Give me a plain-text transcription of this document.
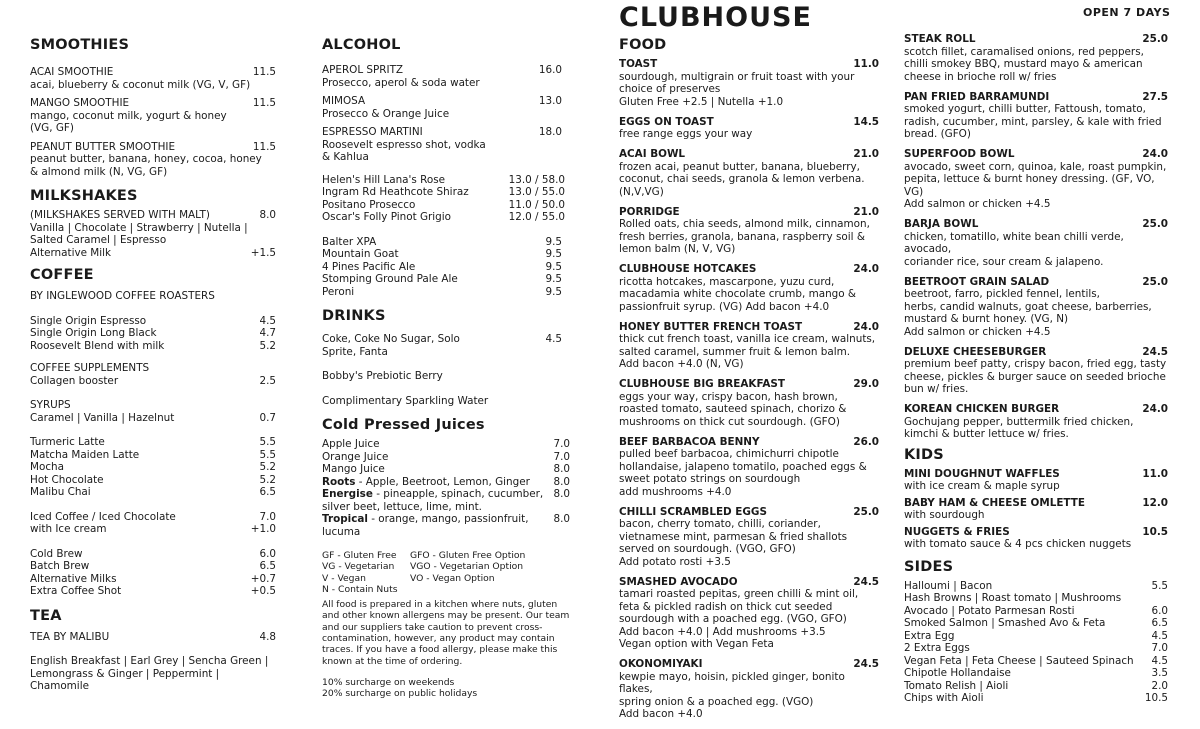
CLUBHOUSE	OPEN 7 DAYS
SMOOTHIES
ACAI SMOOTHIE	11.5
acai, blueberry & coconut milk (VG, V, GF)
MANGO SMOOTHIE	11.5
mango, coconut milk, yogurt & honey (VG, GF)
PEANUT BUTTER SMOOTHIE	11.5
peanut butter, banana, honey, cocoa, honey & almond milk (N, VG, GF)
MILKSHAKES
(MILKSHAKES SERVED WITH MALT)	8.0
Vanilla | Chocolate | Strawberry | Nutella |
Salted Caramel | Espresso
Alternative Milk	+1.5
COFFEE
BY INGLEWOOD COFFEE ROASTERS
Single Origin Espresso	4.5
Single Origin Long Black	4.7
Roosevelt Blend with milk	5.2
COFFEE SUPPLEMENTS
Collagen booster	2.5
SYRUPS
Caramel | Vanilla | Hazelnut	0.7
Turmeric Latte	5.5
Matcha Maiden Latte	5.5
Mocha	5.2
Hot Chocolate	5.2
Malibu Chai	6.5
Iced Coffee / Iced Chocolate	7.0
with Ice cream	+1.0
Cold Brew	6.0
Batch Brew	6.5
Alternative Milks	+0.7
Extra Coffee Shot	+0.5
TEA
TEA BY MALIBU	4.8
English Breakfast | Earl Grey | Sencha Green |
Lemongrass & Ginger | Peppermint |
Chamomile
ALCOHOL
APEROL SPRITZ	16.0
Prosecco, aperol & soda water
MIMOSA	13.0
Prosecco & Orange Juice
ESPRESSO MARTINI	18.0
Roosevelt espresso shot, vodka & Kahlua
Helen's Hill Lana's Rose	13.0 / 58.0
Ingram Rd Heathcote Shiraz	13.0 / 55.0
Positano Prosecco	11.0 / 50.0
Oscar's Folly Pinot Grigio	12.0 / 55.0
Balter XPA	9.5
Mountain Goat	9.5
4 Pines Pacific Ale	9.5
Stomping Ground Pale Ale	9.5
Peroni	9.5
DRINKS
Coke, Coke No Sugar, Solo	4.5
Sprite, Fanta
Bobby's Prebiotic Berry
Complimentary Sparkling Water
Cold Pressed Juices
Apple Juice	7.0
Orange Juice	7.0
Mango Juice	8.0
Roots - Apple, Beetroot, Lemon, Ginger	8.0
Energise - pineapple, spinach, cucumber, 8.0
silver beet, lettuce, lime, mint.
Tropical - orange, mango, passionfruit,	8.0
lucuma
GF - Gluten Free	GFO - Gluten Free Option
VG - Vegetarian	VGO - Vegetarian Option
V - Vegan	VO - Vegan Option
N - Contain Nuts
All food is prepared in a kitchen where nuts, gluten
and other known allergens may be present. Our team
and our suppliers take caution to prevent cross-
contamination, however, any product may contain
traces. If you have a food allergy, please make this
known at the time of ordering.
10% surcharge on weekends
20% surcharge on public holidays
FOOD
TOAST	11.0
sourdough, multigrain or fruit toast with your
choice of preserves
Gluten Free +2.5 | Nutella +1.0
EGGS ON TOAST	14.5
free range eggs your way
ACAI BOWL	21.0
frozen acai, peanut butter, banana, blueberry,
coconut, chai seeds, granola & lemon verbena.
(N,V,VG)
PORRIDGE	21.0
Rolled oats, chia seeds, almond milk, cinnamon,
fresh berries, granola, banana, raspberry soil &
lemon balm (N, V, VG)
CLUBHOUSE HOTCAKES	24.0
ricotta hotcakes, mascarpone, yuzu curd,
macadamia white chocolate crumb, mango &
passionfruit syrup. (VG) Add bacon +4.0
HONEY BUTTER FRENCH TOAST	24.0
thick cut french toast, vanilla ice cream, walnuts,
salted caramel, summer fruit & lemon balm.
Add bacon +4.0 (N, VG)
CLUBHOUSE BIG BREAKFAST	29.0
eggs your way, crispy bacon, hash brown,
roasted tomato, sauteed spinach, chorizo &
mushrooms on thick cut sourdough. (GFO)
BEEF BARBACOA BENNY	26.0
pulled beef barbacoa, chimichurri chipotle
hollandaise, jalapeno tomatilo, poached eggs &
sweet potato strings on sourdough
add mushrooms +4.0
CHILLI SCRAMBLED EGGS	25.0
bacon, cherry tomato, chilli, coriander,
vietnamese mint, parmesan & fried shallots
served on sourdough. (VGO, GFO)
Add potato rosti +3.5
SMASHED AVOCADO	24.5
tamari roasted pepitas, green chilli & mint oil,
feta & pickled radish on thick cut seeded
sourdough with a poached egg. (VGO, GFO)
Add bacon +4.0 | Add mushrooms +3.5
Vegan option with Vegan Feta
OKONOMIYAKI	24.5
kewpie mayo, hoisin, pickled ginger, bonito flakes,
spring onion & a poached egg. (VGO)
Add bacon +4.0
STEAK ROLL	25.0
scotch fillet, caramalised onions, red peppers,
chilli smokey BBQ, mustard mayo & american
cheese in brioche roll w/ fries
PAN FRIED BARRAMUNDI	27.5
smoked yogurt, chilli butter, Fattoush, tomato,
radish, cucumber, mint, parsley, & kale with fried
bread. (GFO)
SUPERFOOD BOWL	24.0
avocado, sweet corn, quinoa, kale, roast pumpkin,
pepita, lettuce & burnt honey dressing. (GF, VO, VG)
Add salmon or chicken +4.5
BARJA BOWL	25.0
chicken, tomatillo, white bean chilli verde, avocado,
coriander rice, sour cream & jalapeno.
BEETROOT GRAIN SALAD	25.0
beetroot, farro, pickled fennel, lentils,
herbs, candid walnuts, goat cheese, barberries,
mustard & burnt honey. (VG, N)
Add salmon or chicken +4.5
DELUXE CHEESEBURGER	24.5
premium beef patty, crispy bacon, fried egg, tasty
cheese, pickles & burger sauce on seeded brioche
bun w/ fries.
KOREAN CHICKEN BURGER	24.0
Gochujang pepper, buttermilk fried chicken,
kimchi & butter lettuce w/ fries.
KIDS
MINI DOUGHNUT WAFFLES	11.0
with ice cream & maple syrup
BABY HAM & CHEESE OMLETTE	12.0
with sourdough
NUGGETS & FRIES	10.5
with tomato sauce & 4 pcs chicken nuggets
SIDES
Halloumi | Bacon	5.5
Hash Browns | Roast tomato | Mushrooms
Avocado | Potato Parmesan Rosti	6.0
Smoked Salmon | Smashed Avo & Feta	6.5
Extra Egg	4.5
2 Extra Eggs	7.0
Vegan Feta | Feta Cheese | Sauteed Spinach 4.5
Chipotle Hollandaise	3.5
Tomato Relish | Aioli	2.0
Chips with Aioli	10.5
